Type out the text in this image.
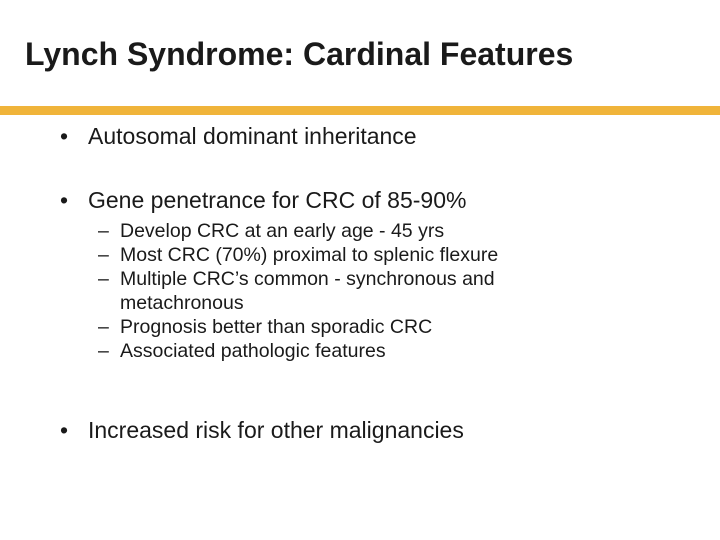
Lynch Syndrome: Cardinal Features
• Autosomal dominant inheritance
• Gene penetrance for CRC of 85-90%
– Develop CRC at an early age - 45 yrs
– Most CRC (70%) proximal to splenic flexure
– Multiple CRC’s common - synchronous and metachronous
– Prognosis better than sporadic CRC
– Associated pathologic features
• Increased risk for other malignancies
